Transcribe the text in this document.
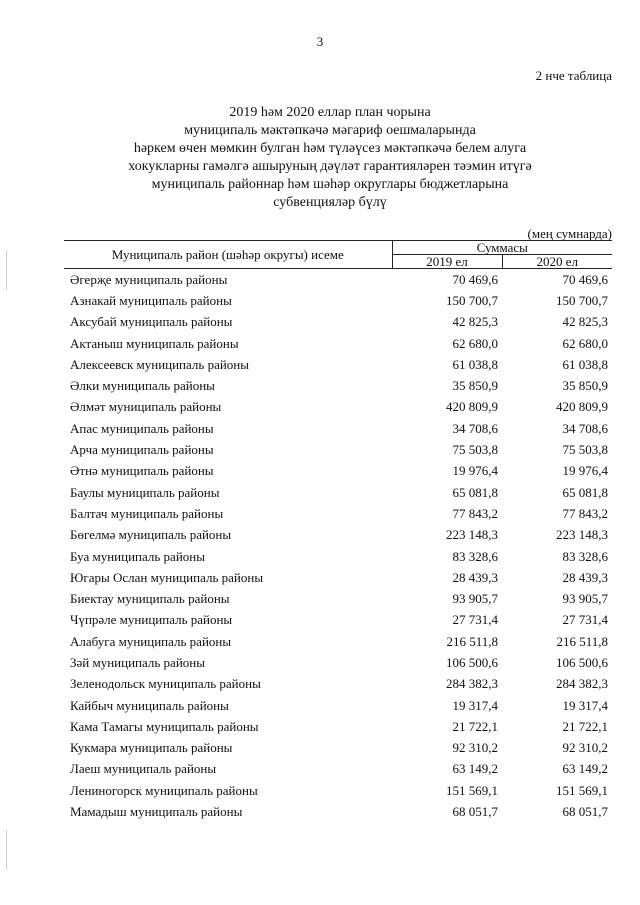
3
2 нче таблица
2019 һәм 2020 еллар план чорына
муниципаль мәктәпкәчә мәгариф оешмаларында
һәркем өчен мөмкин булган һәм түләүсез мәктәпкәчә белем алуга
хокукларны гамәлгә ашыруның дәүләт гарантияләрен тәэмин итүгә
муниципаль районнар һәм шәһәр округлары бюджетларына
субвенцияләр бүлү
(мең сумнарда)
Муниципаль район (шәһәр округы) исеме	Суммасы	
	2019 ел	2020 ел
Әгерҗе муниципаль районы	70 469,6	70 469,6
Азнакай муниципаль районы	150 700,7	150 700,7
Аксубай муниципаль районы	42 825,3	42 825,3
Актаныш муниципаль районы	62 680,0	62 680,0
Алексеевск муниципаль районы	61 038,8	61 038,8
Әлки муниципаль районы	35 850,9	35 850,9
Әлмәт муниципаль районы	420 809,9	420 809,9
Апас муниципаль районы	34 708,6	34 708,6
Арча муниципаль районы	75 503,8	75 503,8
Әтнә муниципаль районы	19 976,4	19 976,4
Баулы муниципаль районы	65 081,8	65 081,8
Балтач муниципаль районы	77 843,2	77 843,2
Бөгелмә муниципаль районы	223 148,3	223 148,3
Буа муниципаль районы	83 328,6	83 328,6
Югары Ослан муниципаль районы	28 439,3	28 439,3
Биектау муниципаль районы	93 905,7	93 905,7
Чүпрәле муниципаль районы	27 731,4	27 731,4
Алабуга муниципаль районы	216 511,8	216 511,8
Зәй муниципаль районы	106 500,6	106 500,6
Зеленодольск муниципаль районы	284 382,3	284 382,3
Кайбыч муниципаль районы	19 317,4	19 317,4
Кама Тамагы муниципаль районы	21 722,1	21 722,1
Кукмара муниципаль районы	92 310,2	92 310,2
Лаеш муниципаль районы	63 149,2	63 149,2
Лениногорск муниципаль районы	151 569,1	151 569,1
Мамадыш муниципаль районы	68 051,7	68 051,7
